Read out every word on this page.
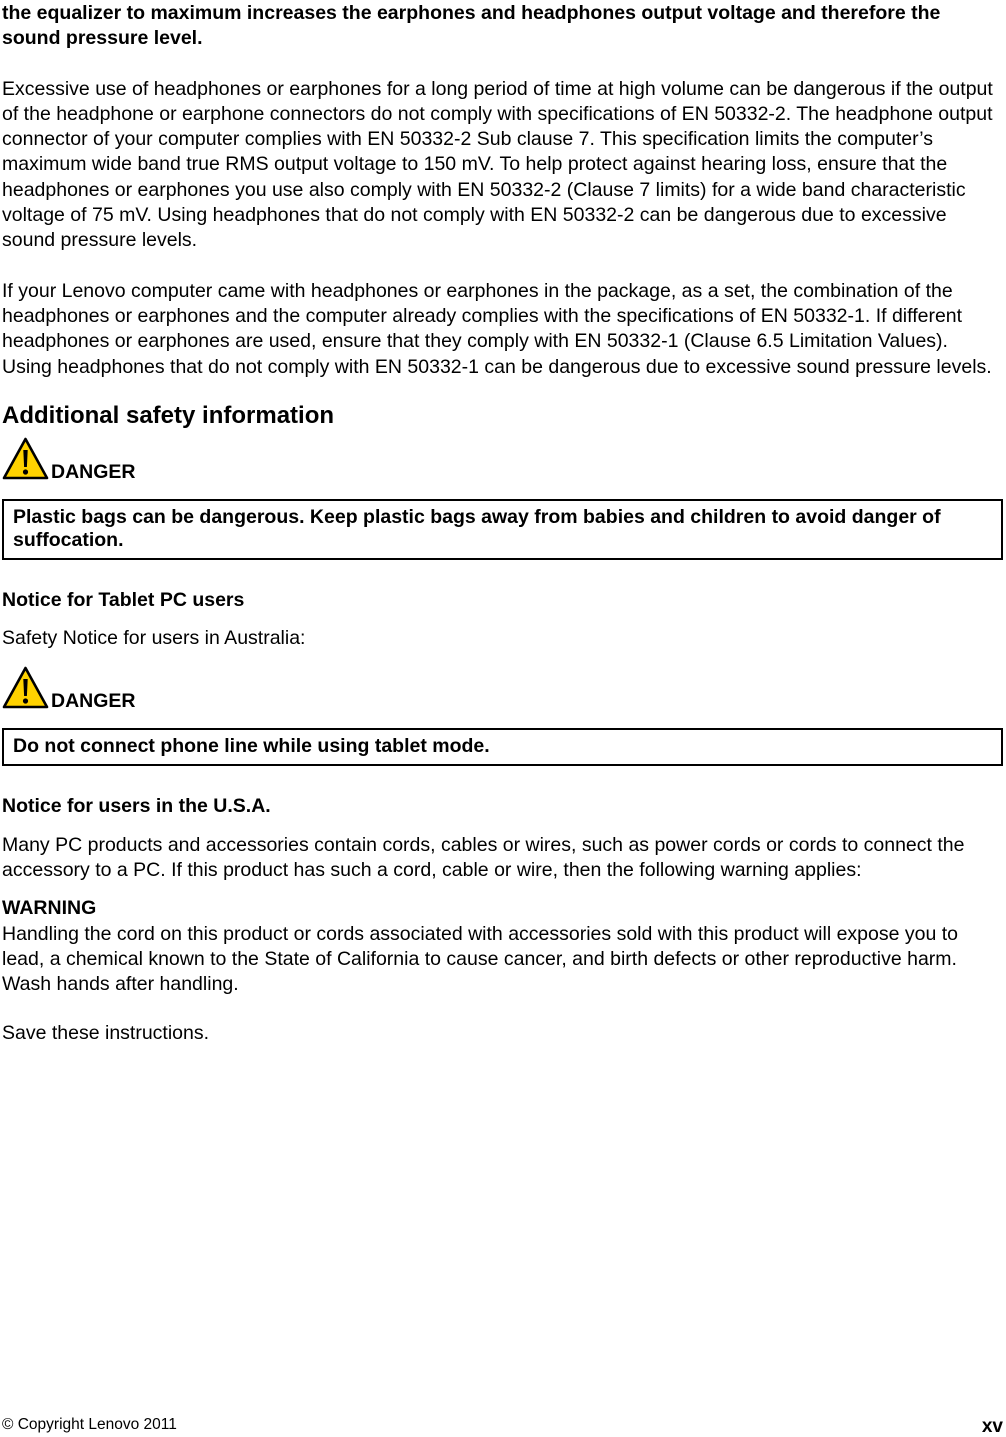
the equalizer to maximum increases the earphones and headphones output voltage and therefore the sound pressure level.

Excessive use of headphones or earphones for a long period of time at high volume can be dangerous if the output of the headphone or earphone connectors do not comply with specifications of EN 50332-2. The headphone output connector of your computer complies with EN 50332-2 Sub clause 7. This specification limits the computer’s maximum wide band true RMS output voltage to 150 mV. To help protect against hearing loss, ensure that the headphones or earphones you use also comply with EN 50332-2 (Clause 7 limits) for a wide band characteristic voltage of 75 mV. Using headphones that do not comply with EN 50332-2 can be dangerous due to excessive sound pressure levels.

If your Lenovo computer came with headphones or earphones in the package, as a set, the combination of the headphones or earphones and the computer already complies with the specifications of EN 50332-1. If different headphones or earphones are used, ensure that they comply with EN 50332-1 (Clause 6.5 Limitation Values). Using headphones that do not comply with EN 50332-1 can be dangerous due to excessive sound pressure levels.

Additional safety information
DANGER
Plastic bags can be dangerous. Keep plastic bags away from babies and children to avoid danger of suffocation.
Notice for Tablet PC users

Safety Notice for users in Australia:

DANGER
Do not connect phone line while using tablet mode.
Notice for users in the U.S.A.

Many PC products and accessories contain cords, cables or wires, such as power cords or cords to connect the accessory to a PC. If this product has such a cord, cable or wire, then the following warning applies:

WARNING

Handling the cord on this product or cords associated with accessories sold with this product will expose you to lead, a chemical known to the State of California to cause cancer, and birth defects or other reproductive harm. Wash hands after handling.

Save these instructions.

© Copyright Lenovo 2011	xv
